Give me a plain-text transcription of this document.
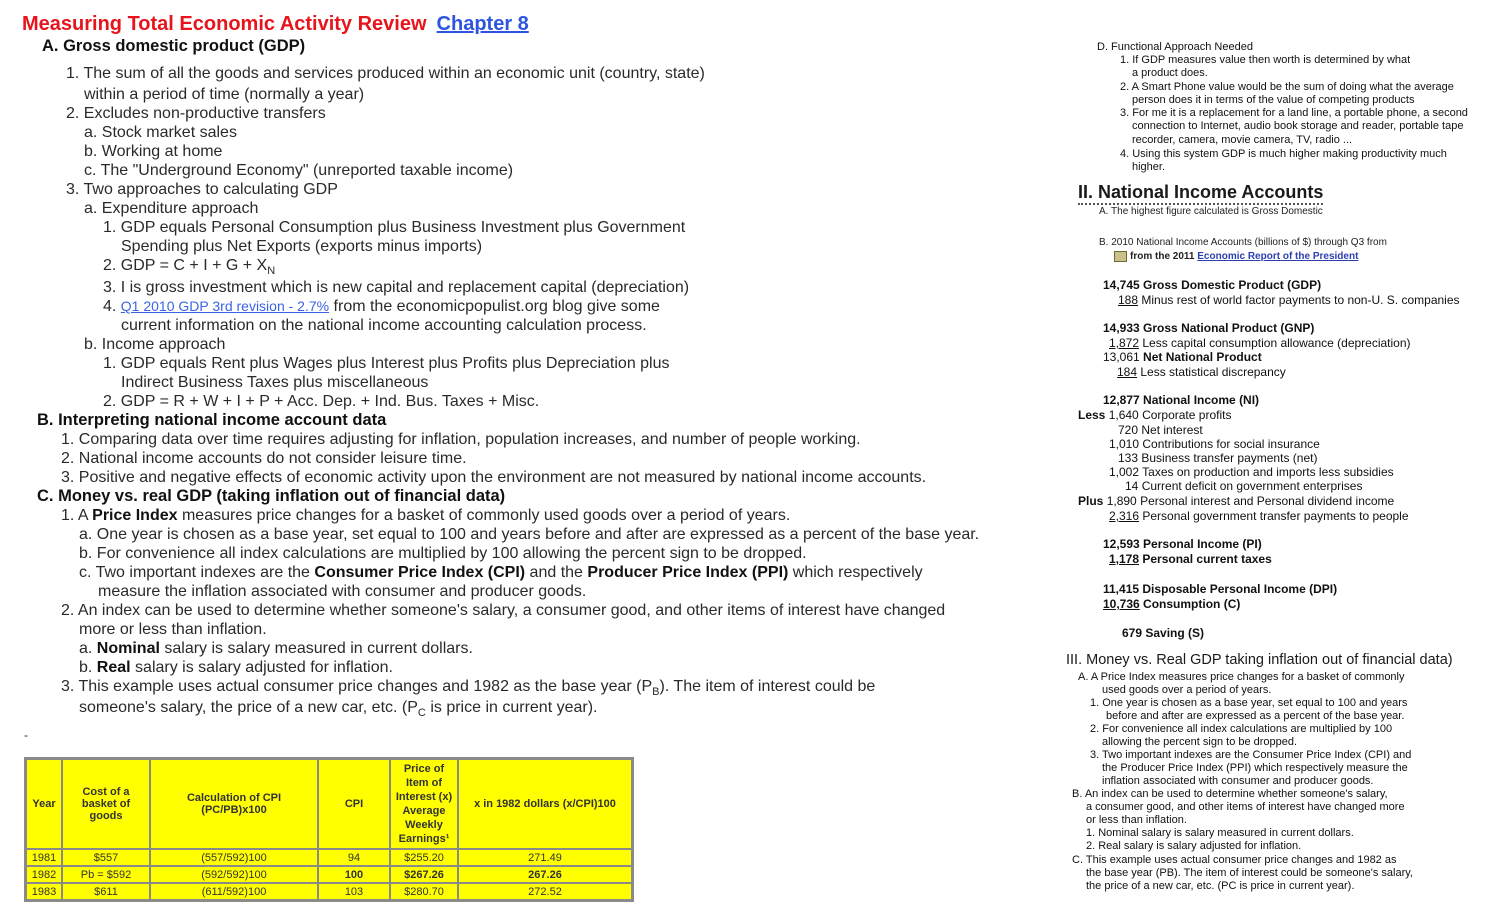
Measuring Total Economic Activity Review Chapter 8
A. Gross domestic product (GDP)
1. The sum of all the goods and services produced within an economic unit (country, state)
within a period of time (normally a year)
2. Excludes non-productive transfers
a. Stock market sales
b. Working at home
c. The "Underground Economy" (unreported taxable income)
3. Two approaches to calculating GDP
a. Expenditure approach
1. GDP equals Personal Consumption plus Business Investment plus Government
Spending plus Net Exports (exports minus imports)
2. GDP = $C + I + G + X_N$
3. I is gross investment which is new capital and replacement capital (depreciation)
4. Q1 2010 GDP 3rd revision - 2.7% from the economicpopulist.org blog give some
current information on the national income accounting calculation process.
b. Income approach
1. GDP equals Rent plus Wages plus Interest plus Profits plus Depreciation plus
Indirect Business Taxes plus miscellaneous
2. GDP = R + W + I + P + Acc. Dep. + Ind. Bus. Taxes + Misc.
B. Interpreting national income account data
1. Comparing data over time requires adjusting for inflation, population increases, and number of people working.
2. National income accounts do not consider leisure time.
3. Positive and negative effects of economic activity upon the environment are not measured by national income accounts.
C. Money vs. real GDP (taking inflation out of financial data)
1. A Price Index measures price changes for a basket of commonly used goods over a period of years.
a. One year is chosen as a base year, set equal to 100 and years before and after are expressed as a percent of the base year.
b. For convenience all index calculations are multiplied by 100 allowing the percent sign to be dropped.
c. Two important indexes are the Consumer Price Index (CPI) and the Producer Price Index (PPI) which respectively
measure the inflation associated with consumer and producer goods.
2. An index can be used to determine whether someone's salary, a consumer good, and other items of interest have changed
more or less than inflation.
a. Nominal salary is salary measured in current dollars.
b. Real salary is salary adjusted for inflation.
3. This example uses actual consumer price changes and 1982 as the base year $(P_B)$. The item of interest could be
someone's salary, the price of a new car, etc. ($P_C$ is price in current year).
-
Year	Cost of a basket of goods	Calculation of CPI (PC/PB)x100	CPI	Price of Item of Interest (x) Average Weekly Earnings¹	x in 1982 dollars (x/CPI)100
1981	$557	(557/592)100	94	$255.20	271.49
1982	Pb = $592	(592/592)100	100	$267.26	267.26
1983	$611	(611/592)100	103	$280.70	272.52
D. Functional Approach Needed
1. If GDP measures value then worth is determined by what
a product does.
2. A Smart Phone value would be the sum of doing what the average
person does it in terms of the value of competing products
3. For me it is a replacement for a land line, a portable phone, a second
connection to Internet, audio book storage and reader, portable tape
recorder, camera, movie camera, TV, radio ...
4. Using this system GDP is much higher making productivity much
higher.
II. National Income Accounts
A. The highest figure calculated is Gross Domestic
B. 2010 National Income Accounts (billions of $) through Q3 from
from the 2011 Economic Report of the President
14,745 Gross Domestic Product (GDP)
188 Minus rest of world factor payments to non-U. S. companies
14,933 Gross National Product (GNP)
1,872 Less capital consumption allowance (depreciation)
13,061 Net National Product
184 Less statistical discrepancy
12,877 National Income (NI)
Less 1,640 Corporate profits
720 Net interest
1,010 Contributions for social insurance
133 Business transfer payments (net)
1,002 Taxes on production and imports less subsidies
14 Current deficit on government enterprises
Plus 1,890 Personal interest and Personal dividend income
2,316 Personal government transfer payments to people
12,593 Personal Income (PI)
1,178 Personal current taxes
11,415 Disposable Personal Income (DPI)
10,736 Consumption (C)
679 Saving (S)
III. Money vs. Real GDP taking inflation out of financial data)
A. A Price Index measures price changes for a basket of commonly
used goods over a period of years.
1. One year is chosen as a base year, set equal to 100 and years
before and after are expressed as a percent of the base year.
2. For convenience all index calculations are multiplied by 100
allowing the percent sign to be dropped.
3. Two important indexes are the Consumer Price Index (CPI) and
the Producer Price Index (PPI) which respectively measure the
inflation associated with consumer and producer goods.
B. An index can be used to determine whether someone's salary,
a consumer good, and other items of interest have changed more
or less than inflation.
1. Nominal salary is salary measured in current dollars.
2. Real salary is salary adjusted for inflation.
C. This example uses actual consumer price changes and 1982 as
the base year (PB). The item of interest could be someone's salary,
the price of a new car, etc. (PC is price in current year).
